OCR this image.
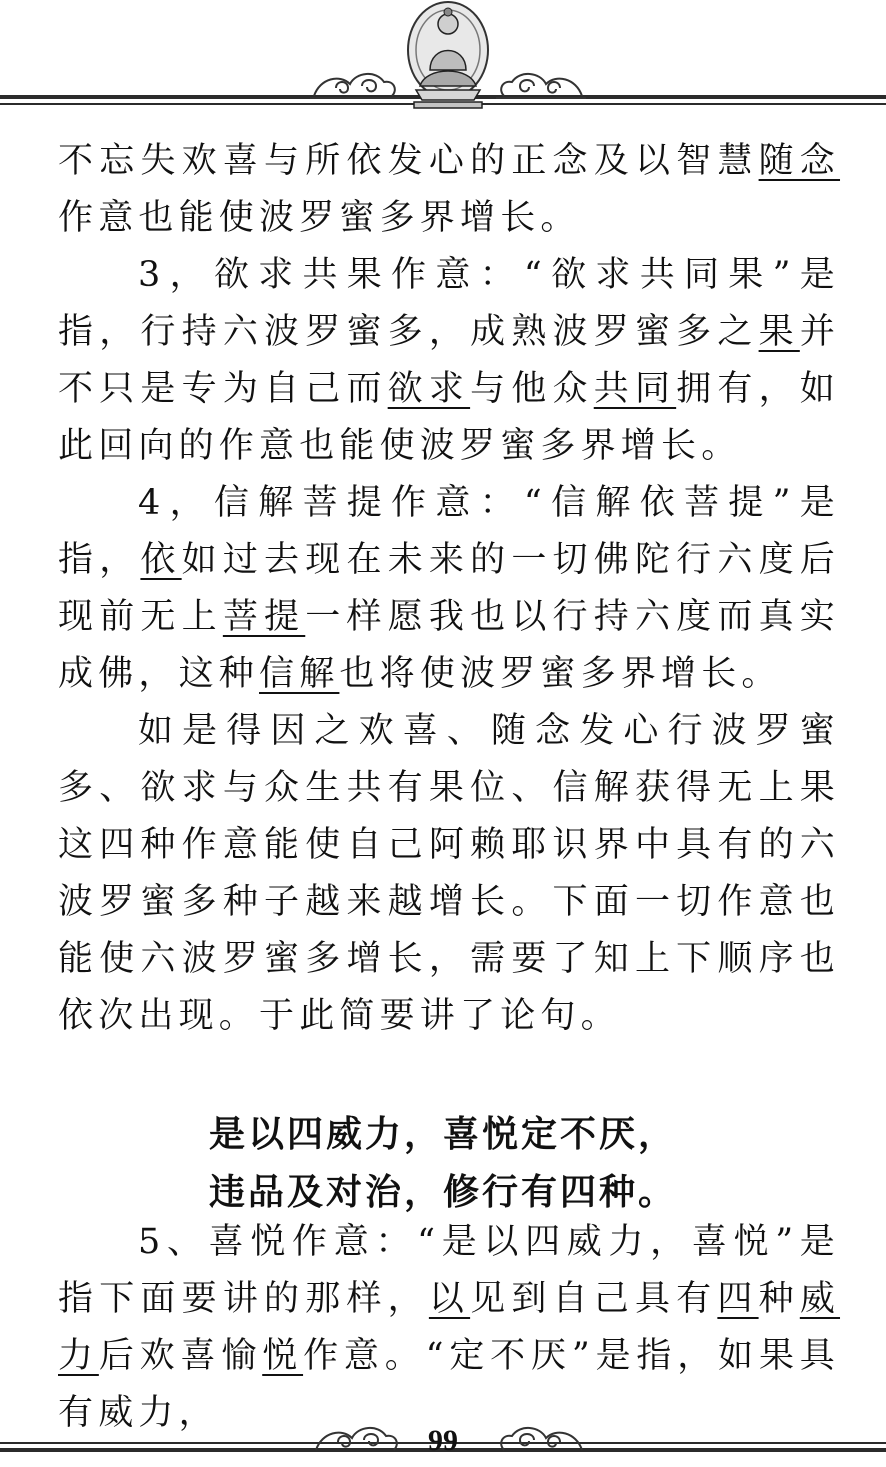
不忘失欢喜与所依发心的正念及以智慧随念作意也能使波罗蜜多界增长。

3，欲求共果作意：“欲求共同果”是指，行持六波罗蜜多，成熟波罗蜜多之果并不只是专为自己而欲求与他众共同拥有，如此回向的作意也能使波罗蜜多界增长。

4，信解菩提作意：“信解依菩提”是指，依如过去现在未来的一切佛陀行六度后现前无上菩提一样愿我也以行持六度而真实成佛，这种信解也将使波罗蜜多界增长。

如是得因之欢喜、随念发心行波罗蜜多、欲求与众生共有果位、信解获得无上果这四种作意能使自己阿赖耶识界中具有的六波罗蜜多种子越来越增长。下面一切作意也能使六波罗蜜多增长，需要了知上下顺序也依次出现。于此简要讲了论句。

是以四威力，喜悦定不厌，

违品及对治，修行有四种。

5、喜悦作意：“是以四威力，喜悦”是指下面要讲的那样，以见到自己具有四种威力后欢喜愉悦作意。“定不厌”是指，如果具有威力，

99
